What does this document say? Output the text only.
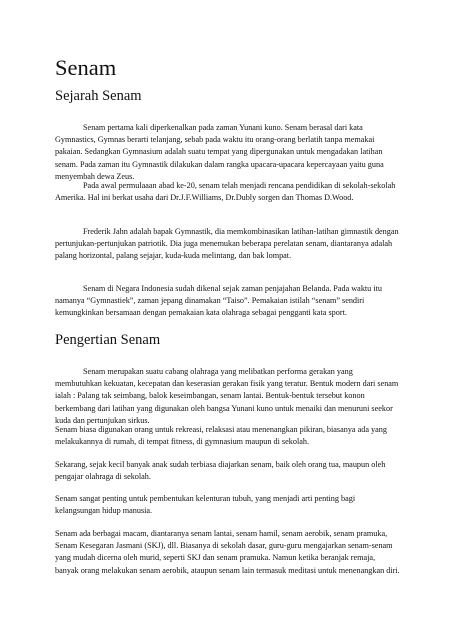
Senam
Sejarah Senam

Senam pertama kali diperkenalkan pada zaman Yunani kuno. Senam berasal dari kata Gymnastics, Gymnas berarti telanjang, sebab pada waktu itu orang-orang berlatih tanpa memakai pakaian. Sedangkan Gymnasium adalah suatu tempat yang dipergunakan untuk mengadakan latihan senam. Pada zaman itu Gymnastik dilakukan dalam rangka upacara-upacara kepercayaan yaitu guna menyembah dewa Zeus.

Pada awal permulaaan abad ke-20, senam telah menjadi rencana pendidikan di sekolah-sekolah Amerika. Hal ini berkat usaha dari Dr.J.F.Williams, Dr.Dubly sorgen dan Thomas D.Wood.

Frederik Jahn adalah bapak Gymnastik, dia memkombinasikan latihan-latihan gimnastik dengan pertunjukan-pertunjukan patriotik. Dia juga menemukan beberapa perelatan senam, diantaranya adalah palang horizontal, palang sejajar, kuda-kuda melintang, dan bak lompat.

Senam di Negara Indonesia sudah dikenal sejak zaman penjajahan Belanda. Pada waktu itu namanya “Gymnastiek”, zaman jepang dinamakan “Taiso”. Pemakaian istilah “senam” sendiri kemungkinkan bersamaan dengan pemakaian kata olahraga sebagai pengganti kata sport.

Pengertian Senam

Senam merupakan suatu cabang olahraga yang melibatkan performa gerakan yang membutuhkan kekuatan, kecepatan dan keserasian gerakan fisik yang teratur. Bentuk modern dari senam ialah : Palang tak seimbang, balok keseimbangan, senam lantai. Bentuk-bentuk tersebut konon berkembang dari latihan yang digunakan oleh bangsa Yunani kuno untuk menaiki dan menuruni seekor kuda dan pertunjukan sirkus.

Senam biasa digunakan orang untuk rekreasi, relaksasi atau menenangkan pikiran, biasanya ada yang melakukannya di rumah, di tempat fitness, di gymnasium maupun di sekolah.

Sekarang, sejak kecil banyak anak sudah terbiasa diajarkan senam, baik oleh orang tua, maupun oleh pengajar olahraga di sekolah.

Senam sangat penting untuk pembentukan kelenturan tubuh, yang menjadi arti penting bagi kelangsungan hidup manusia.

Senam ada berbagai macam, diantaranya senam lantai, senam hamil, senam aerobik, senam pramuka, Senam Kesegaran Jasmani (SKJ), dll. Biasanya di sekolah dasar, guru-guru mengajarkan senam-senam yang mudah dicerna oleh murid, seperti SKJ dan senam pramuka. Namun ketika beranjak remaja, banyak orang melakukan senam aerobik, ataupun senam lain termasuk meditasi untuk menenangkan diri.
